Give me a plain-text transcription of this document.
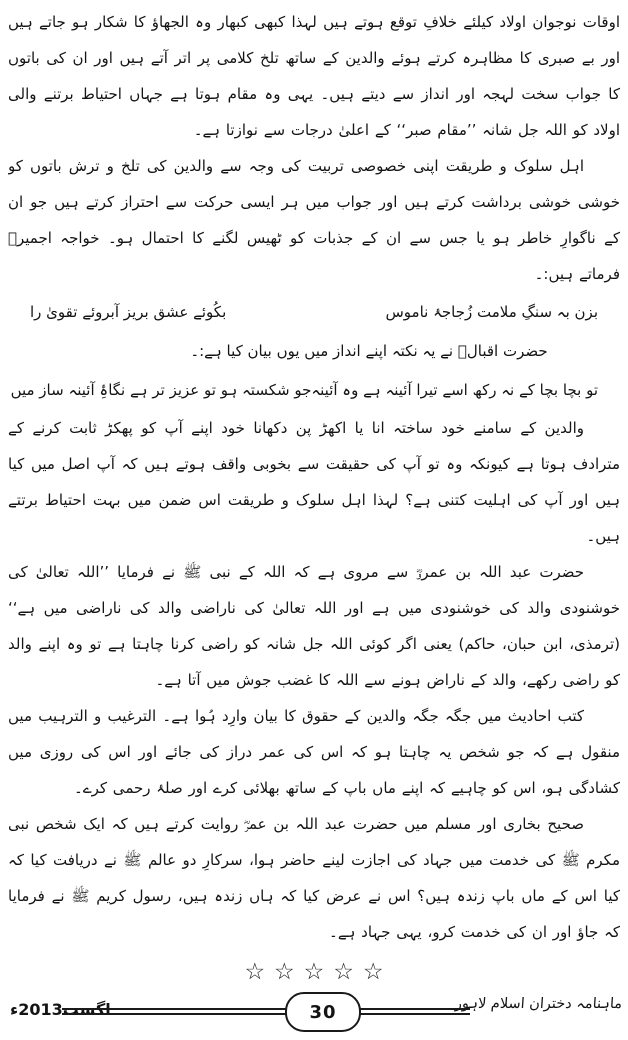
اوقات نوجوان اولاد کیلئے خلافِ توقع ہوتے ہیں لہذا کبھی کبھار وہ الجھاؤ کا شکار ہو جاتے ہیں اور بے صبری کا مظاہرہ کرتے ہوئے والدین کے ساتھ تلخ کلامی پر اتر آتے ہیں اور ان کی باتوں کا جواب سخت لہجہ اور انداز سے دیتے ہیں۔ یہی وہ مقام ہوتا ہے جہاں احتیاط برتنے والی اولاد کو اللہ جل شانہ ’’مقام صبر‘‘ کے اعلیٰ درجات سے نوازتا ہے۔

اہل سلوک و طریقت اپنی خصوصی تربیت کی وجہ سے والدین کی تلخ و ترش باتوں کو خوشی خوشی برداشت کرتے ہیں اور جواب میں ہر ایسی حرکت سے احتراز کرتے ہیں جو ان کے ناگوارِ خاطر ہو یا جس سے ان کے جذبات کو ٹھیس لگنے کا احتمال ہو۔ خواجہ اجمیرؒ فرماتے ہیں:۔

بزن بہ سنگِ ملامت زُجاجۂ ناموس
بکُوئے عشق بریز آبروئے تقویٰ را

حضرت اقبالؒ نے یہ نکتہ اپنے انداز میں یوں بیان کیا ہے:۔

تو بچا بچا کے نہ رکھ اسے تیرا آئینہ ہے وہ آئینہ
جو شکستہ ہو تو عزیز تر ہے نگاۂِ آئینہ ساز میں

والدین کے سامنے خود ساختہ انا یا اکھڑ پن دکھانا خود اپنے آپ کو پھکڑ ثابت کرنے کے مترادف ہوتا ہے کیونکہ وہ تو آپ کی حقیقت سے بخوبی واقف ہوتے ہیں کہ آپ اصل میں کیا ہیں اور آپ کی اہلیت کتنی ہے؟ لہذا اہل سلوک و طریقت اس ضمن میں بہت احتیاط برتتے ہیں۔

حضرت عبد اللہ بن عمروؓ سے مروی ہے کہ اللہ کے نبی ﷺ نے فرمایا ’’اللہ تعالیٰ کی خوشنودی والد کی خوشنودی میں ہے اور اللہ تعالیٰ کی ناراضی والد کی ناراضی میں ہے‘‘ (ترمذی، ابن حبان، حاکم) یعنی اگر کوئی اللہ جل شانہ کو راضی کرنا چاہتا ہے تو وہ اپنے والد کو راضی رکھے، والد کے ناراض ہونے سے اللہ کا غضب جوش میں آتا ہے۔

کتب احادیث میں جگہ جگہ والدین کے حقوق کا بیان وارِد ہُوا ہے۔ الترغیب و الترہیب میں منقول ہے کہ جو شخص یہ چاہتا ہو کہ اس کی عمر دراز کی جائے اور اس کی روزی میں کشادگی ہو، اس کو چاہیے کہ اپنے ماں باپ کے ساتھ بھلائی کرے اور صلۂ رحمی کرے۔

صحیح بخاری اور مسلم میں حضرت عبد اللہ بن عمرؓ روایت کرتے ہیں کہ ایک شخص نبی مکرم ﷺ کی خدمت میں جہاد کی اجازت لینے حاضر ہوا، سرکارِ دو عالم ﷺ نے دریافت کیا کہ کیا اس کے ماں باپ زندہ ہیں؟ اس نے عرض کیا کہ ہاں زندہ ہیں، رسول کریم ﷺ نے فرمایا کہ جاؤ اور ان کی خدمت کرو، یہی جہاد ہے۔

☆☆☆☆☆
اگست2013ء	30	ماہنامہ دختران اسلام لاہور
